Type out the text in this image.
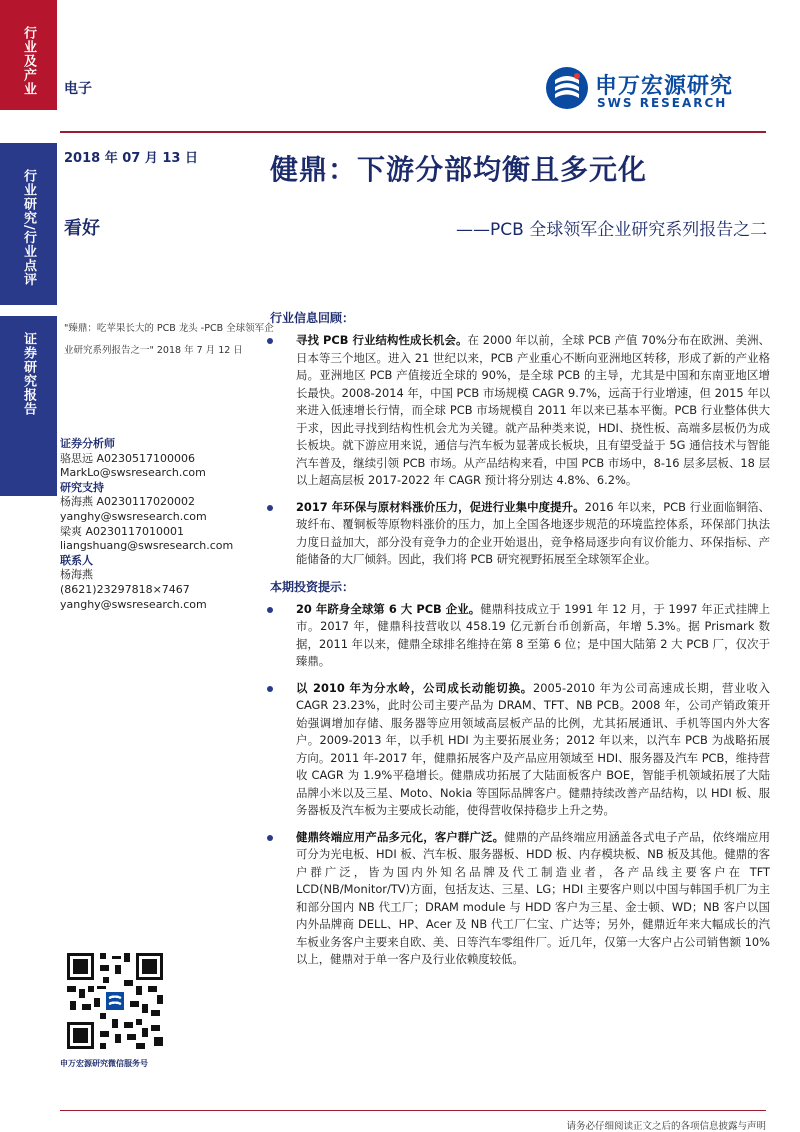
行业及产业
行业研究/行业点评
证券研究报告
电子	申万宏源研究
SWS RESEARCH
2018 年 07 月 13 日
看好
健鼎：下游分部均衡且多元化
——PCB 全球领军企业研究系列报告之二
"臻鼎：吃苹果长大的 PCB 龙头 -PCB 全球领军企业研究系列报告之一" 2018 年 7 月 12 日
证券分析师
骆思远 A0230517100006
MarkLo@swsresearch.com
研究支持
杨海燕 A0230117020002
yanghy@swsresearch.com
梁爽 A0230117010001
liangshuang@swsresearch.com
联系人
杨海燕
(8621)23297818×7467
yanghy@swsresearch.com
申万宏源研究微信服务号
行业信息回顾：
寻找 PCB 行业结构性成长机会。在 2000 年以前，全球 PCB 产值 70%分布在欧洲、美洲、日本等三个地区。进入 21 世纪以来，PCB 产业重心不断向亚洲地区转移，形成了新的产业格局。亚洲地区 PCB 产值接近全球的 90%，是全球 PCB 的主导，尤其是中国和东南亚地区增长最快。2008-2014 年，中国 PCB 市场规模 CAGR 9.7%，远高于行业增速，但 2015 年以来进入低速增长行情，而全球 PCB 市场规模自 2011 年以来已基本平衡。PCB 行业整体供大于求，因此寻找到结构性机会尤为关键。就产品种类来说，HDI、挠性板、高端多层板仍为成长板块。就下游应用来说，通信与汽车板为显著成长板块，且有望受益于 5G 通信技术与智能汽车普及，继续引领 PCB 市场。从产品结构来看，中国 PCB 市场中，8-16 层多层板、18 层以上超高层板 2017-2022 年 CAGR 预计将分别达 4.8%、6.2%。
2017 年环保与原材料涨价压力，促进行业集中度提升。2016 年以来，PCB 行业面临铜箔、玻纤布、覆铜板等原物料涨价的压力，加上全国各地逐步规范的环境监控体系，环保部门执法力度日益加大，部分没有竞争力的企业开始退出，竞争格局逐步向有议价能力、环保指标、产能储备的大厂倾斜。因此，我们将 PCB 研究视野拓展至全球领军企业。
本期投资提示：
20 年跻身全球第 6 大 PCB 企业。健鼎科技成立于 1991 年 12 月，于 1997 年正式挂牌上市。2017 年，健鼎科技营收以 458.19 亿元新台币创新高，年增 5.3%。据 Prismark 数据，2011 年以来，健鼎全球排名维持在第 8 至第 6 位；是中国大陆第 2 大 PCB 厂，仅次于臻鼎。
以 2010 年为分水岭，公司成长动能切换。2005-2010 年为公司高速成长期，营业收入 CAGR 23.23%，此时公司主要产品为 DRAM、TFT、NB PCB。2008 年，公司产销政策开始强调增加存储、服务器等应用领域高层板产品的比例，尤其拓展通讯、手机等国内外大客户。2009-2013 年，以手机 HDI 为主要拓展业务；2012 年以来，以汽车 PCB 为战略拓展方向。2011 年-2017 年，健鼎拓展客户及产品应用领域至 HDI、服务器及汽车 PCB，维持营收 CAGR 为 1.9%平稳增长。健鼎成功拓展了大陆面板客户 BOE，智能手机领域拓展了大陆品牌小米以及三星、Moto、Nokia 等国际品牌客户。健鼎持续改善产品结构，以 HDI 板、服务器板及汽车板为主要成长动能，使得营收保持稳步上升之势。
健鼎终端应用产品多元化，客户群广泛。健鼎的产品终端应用涵盖各式电子产品，依终端应用可分为光电板、HDI 板、汽车板、服务器板、HDD 板、内存模块板、NB 板及其他。健鼎的客户群广泛，皆为国内外知名品牌及代工制造业者，各产品线主要客户在 TFT LCD(NB/Monitor/TV)方面，包括友达、三星、LG；HDI 主要客户则以中国与韩国手机厂为主和部分国内 NB 代工厂；DRAM module 与 HDD 客户为三星、金士顿、WD；NB 客户以国内外品牌商 DELL、HP、Acer 及 NB 代工厂仁宝、广达等；另外，健鼎近年来大幅成长的汽车板业务客户主要来自欧、美、日等汽车零组件厂。近几年，仅第一大客户占公司销售额 10%以上，健鼎对于单一客户及行业依赖度较低。
请务必仔细阅读正文之后的各项信息披露与声明
